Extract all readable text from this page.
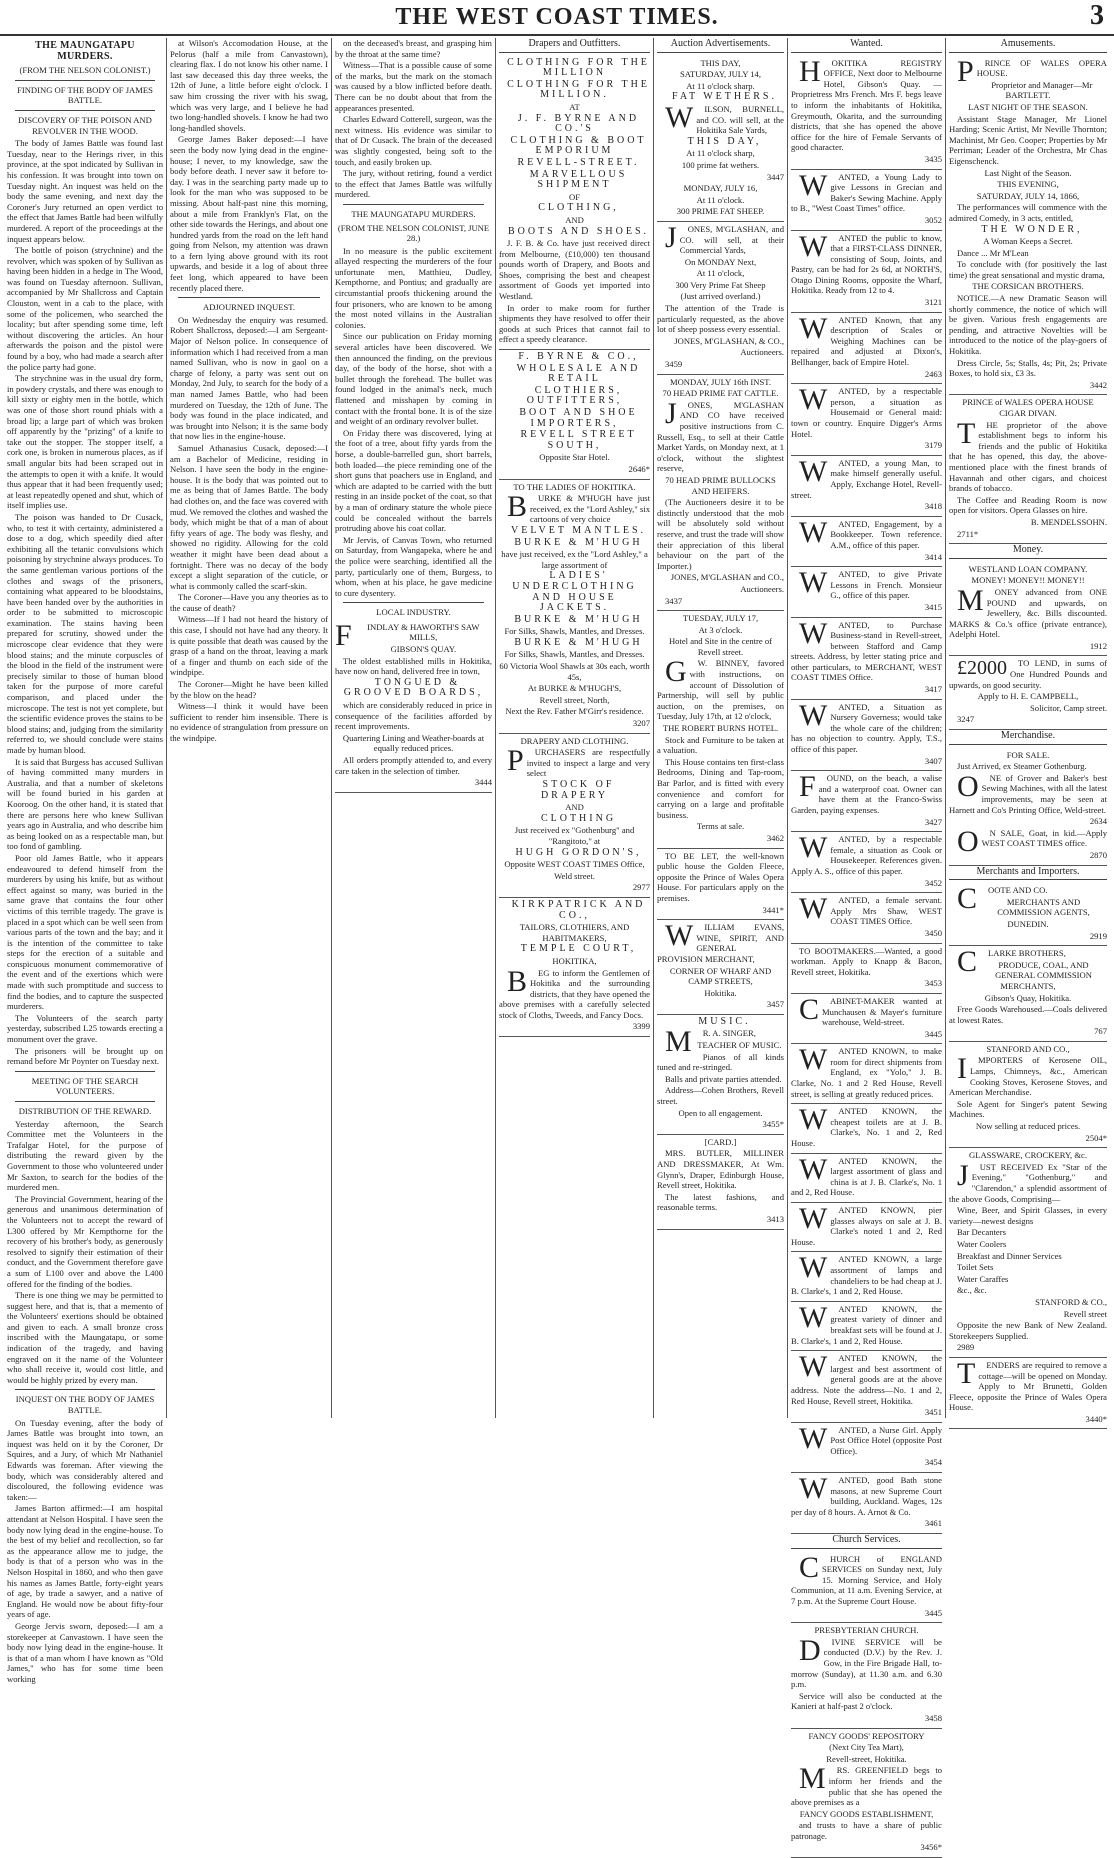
THE WEST COAST TIMES.	3
THE MAUNGATAPU MURDERS.
(FROM THE NELSON COLONIST.)
FINDING OF THE BODY OF JAMES BATTLE.
DISCOVERY OF THE POISON AND REVOLVER IN THE WOOD.

The body of James Battle was found last Tuesday, near to the Herings river, in this province, at the spot indicated by Sullivan in his confession. It was brought into town on Tuesday night. An inquest was held on the body the same evening, and next day the Coroner's Jury returned an open verdict to the effect that James Battle had been wilfully murdered. A report of the proceedings at the inquest appears below.

The bottle of poison (strychnine) and the revolver, which was spoken of by Sullivan as having been hidden in a hedge in The Wood, was found on Tuesday afternoon. Sullivan, accompanied by Mr Shallcross and Captain Clouston, went in a cab to the place, with some of the policemen, who searched the locality; but after spending some time, left without discovering the articles. An hour afterwards the poison and the pistol were found by a boy, who had made a search after the police party had gone.

The strychnine was in the usual dry form, in powdery crystals, and there was enough to kill sixty or eighty men in the bottle, which was one of those short round phials with a broad lip; a large part of which was broken off apparently by the "prizing" of a knife to take out the stopper. The stopper itself, a cork one, is broken in numerous places, as if small angular bits had been scraped out in the attempts to open it with a knife. It would thus appear that it had been frequently used; at least repeatedly opened and shut, which of itself implies use.

The poison was handed to Dr Cusack, who, to test it with certainty, administered a dose to a dog, which speedily died after exhibiting all the tetanic convulsions which poisoning by strychnine always produces. To the same gentleman various portions of the clothes and swags of the prisoners, containing what appeared to be bloodstains, have been handed over by the authorities in order to be submitted to microscopic examination. The stains having been prepared for scrutiny, showed under the microscope clear evidence that they were blood stains; and the minute corpuscles of the blood in the field of the instrument were precisely similar to those of human blood taken for the purpose of more careful comparison, and placed under the microscope. The test is not yet complete, but the scientific evidence proves the stains to be blood stains; and, judging from the similarity referred to, we should conclude were stains made by human blood.

It is said that Burgess has accused Sullivan of having committed many murders in Australia, and that a number of skeletons will be found buried in his garden at Kooroog. On the other hand, it is stated that there are persons here who knew Sullivan years ago in Australia, and who describe him as being looked on as a respectable man, but too fond of gambling.

Poor old James Battle, who it appears endeavoured to defend himself from the murderers by using his knife, but as without effect against so many, was buried in the same grave that contains the four other victims of this terrible tragedy. The grave is placed in a spot which can be well seen from various parts of the town and the bay; and it is the intention of the committee to take steps for the erection of a suitable and conspicuous monument commemorative of the event and of the exertions which were made with such promptitude and success to find the bodies, and to capture the suspected murderers.

The Volunteers of the search party yesterday, subscribed L25 towards erecting a monument over the grave.

The prisoners will be brought up on remand before Mr Poynter on Tuesday next.

MEETING OF THE SEARCH VOLUNTEERS.
DISTRIBUTION OF THE REWARD.

Yesterday afternoon, the Search Committee met the Volunteers in the Trafalgar Hotel, for the purpose of distributing the reward given by the Government to those who volunteered under Mr Saxton, to search for the bodies of the murdered men.

The Provincial Government, hearing of the generous and unanimous determination of the Volunteers not to accept the reward of L300 offered by Mr Kempthorne for the recovery of his brother's body, as generously resolved to signify their estimation of their conduct, and the Government therefore gave a sum of L100 over and above the L400 offered for the finding of the bodies.

There is one thing we may be permitted to suggest here, and that is, that a memento of the Volunteers' exertions should be obtained and given to each. A small bronze cross inscribed with the Maungatapu, or some indication of the tragedy, and having engraved on it the name of the Volunteer who shall receive it, would cost little, and would be highly prized by every man.

INQUEST ON THE BODY OF JAMES BATTLE.

On Tuesday evening, after the body of James Battle was brought into town, an inquest was held on it by the Coroner, Dr Squires, and a Jury, of which Mr Nathaniel Edwards was foreman. After viewing the body, which was considerably altered and discoloured, the following evidence was taken:—

James Barton affirmed:—I am hospital attendant at Nelson Hospital. I have seen the body now lying dead in the engine-house. To the best of my belief and recollection, so far as the appearance allow me to judge, the body is that of a person who was in the Nelson Hospital in 1860, and who then gave his names as James Battle, forty-eight years of age, by trade a sawyer, and a native of England. He would now be about fifty-four years of age.

George Jervis sworn, deposed:—I am a storekeeper at Canvastown. I have seen the body now lying dead in the engine-house. It is that of a man whom I have known as "Old James," who has for some time been working

at Wilson's Accomodation House, at the Pelorus (half a mile from Canvastown), clearing flax. I do not know his other name. I last saw deceased this day three weeks, the 12th of June, a little before eight o'clock. I saw him crossing the river with his swag, which was very large, and I believe he had two long-handled shovels. I know he had two long-handled shovels.

George James Baker deposed:—I have seen the body now lying dead in the engine-house; I never, to my knowledge, saw the body before death. I never saw it before to-day. I was in the searching party made up to look for the man who was supposed to be missing. About half-past nine this morning, about a mile from Franklyn's Flat, on the other side towards the Herings, and about one hundred yards from the road on the left hand going from Nelson, my attention was drawn to a fern lying above ground with its root upwards, and beside it a log of about three feet long, which appeared to have been recently placed there.

ADJOURNED INQUEST.

On Wednesday the enquiry was resumed. Robert Shallcross, deposed:—I am Sergeant-Major of Nelson police. In consequence of information which I had received from a man named Sullivan, who is now in gaol on a charge of felony, a party was sent out on Monday, 2nd July, to search for the body of a man named James Battle, who had been murdered on Tuesday, the 12th of June. The body was found in the place indicated, and was brought into Nelson; it is the same body that now lies in the engine-house.

Samuel Athanasius Cusack, deposed:—I am a Bachelor of Medicine, residing in Nelson. I have seen the body in the engine-house. It is the body that was pointed out to me as being that of James Battle. The body had clothes on, and the face was covered with mud. We removed the clothes and washed the body, which might be that of a man of about fifty years of age. The body was fleshy, and showed no rigidity. Allowing for the cold weather it might have been dead about a fortnight. There was no decay of the body except a slight separation of the cuticle, or what is commonly called the scarf-skin.

The Coroner—Have you any theories as to the cause of death?

Witness—If I had not heard the history of this case, I should not have had any theory. It is quite possible that death was caused by the grasp of a hand on the throat, leaving a mark of a finger and thumb on each side of the windpipe.

The Coroner—Might he have been killed by the blow on the head?

Witness—I think it would have been sufficient to render him insensible. There is no evidence of strangulation from pressure on the windpipe.

on the deceased's breast, and grasping him by the throat at the same time?

Witness—That is a possible cause of some of the marks, but the mark on the stomach was caused by a blow inflicted before death. There can be no doubt about that from the appearances presented.

Charles Edward Cotterell, surgeon, was the next witness. His evidence was similar to that of Dr Cusack. The brain of the deceased was slightly congested, being soft to the touch, and easily broken up.

The jury, without retiring, found a verdict to the effect that James Battle was wilfully murdered.

THE MAUNGATAPU MURDERS.
(FROM THE NELSON COLONIST, JUNE 28.)

In no measure is the public excitement allayed respecting the murderers of the four unfortunate men, Matthieu, Dudley, Kempthorne, and Pontius; and gradually are circumstantial proofs thickening around the four prisoners, who are known to be among the most noted villains in the Australian colonies.

Since our publication on Friday morning several articles have been discovered. We then announced the finding, on the previous day, of the body of the horse, shot with a bullet through the forehead. The bullet was found lodged in the animal's neck, much flattened and misshapen by coming in contact with the frontal bone. It is of the size and weight of an ordinary revolver bullet.

On Friday there was discovered, lying at the foot of a tree, about fifty yards from the horse, a double-barrelled gun, short barrels, both loaded—the piece reminding one of the short guns that poachers use in England, and which are adapted to be carried with the butt resting in an inside pocket of the coat, so that by a man of ordinary stature the whole piece could be concealed without the barrels protruding above his coat collar.

Mr Jervis, of Canvas Town, who returned on Saturday, from Wangapeka, where he and the police were searching, identified all the party, particularly one of them, Burgess, to whom, when at his place, he gave medicine to cure dysentery.

LOCAL INDUSTRY.

F INDLAY & HAWORTH'S SAW MILLS,

GIBSON'S QUAY.

The oldest established mills in Hokitika, have now on hand, delivered free in town,

TONGUED & GROOVED BOARDS,

which are considerably reduced in price in consequence of the facilities afforded by recent improvements.

Quartering Lining and Weather-boards at equally reduced prices.

All orders promptly attended to, and every care taken in the selection of timber.

3444

Drapers and Outfitters.

CLOTHING FOR THE MILLION

CLOTHING FOR THE MILLION.

AT

J. F. BYRNE AND CO.'S

CLOTHING & BOOT EMPORIUM

REVELL-STREET.

MARVELLOUS SHIPMENT

OF

CLOTHING,

AND

BOOTS AND SHOES.

J. F. B. & Co. have just received direct from Melbourne, (£10,000) ten thousand pounds worth of Drapery, and Boots and Shoes, comprising the best and cheapest assortment of Goods yet imported into Westland.

In order to make room for further shipments they have resolved to offer their goods at such Prices that cannot fail to effect a speedy clearance.

F. BYRNE & CO.,

WHOLESALE AND RETAIL

CLOTHIERS, OUTFITTERS,

BOOT AND SHOE IMPORTERS,

REVELL STREET SOUTH,

Opposite Star Hotel.

2646*

TO THE LADIES OF HOKITIKA.

B URKE & M'HUGH have just received, ex the "Lord Ashley," six cartoons of very choice

VELVET MANTLES.

BURKE & M'HUGH

have just received, ex the "Lord Ashley," a large assortment of

LADIES' UNDERCLOTHING AND HOUSE JACKETS.

BURKE & M'HUGH

For Silks, Shawls, Mantles, and Dresses.

BURKE & M'HUGH

For Silks, Shawls, Mantles, and Dresses.

60 Victoria Wool Shawls at 30s each, worth 45s,

At BURKE & M'HUGH'S,

Revell street, North,

Next the Rev. Father M'Girr's residence.

3207

DRAPERY AND CLOTHING.

P URCHASERS are respectfully invited to inspect a large and very select

STOCK OF DRAPERY

AND

CLOTHING

Just received ex "Gothenburg" and "Rangitoto," at

HUGH GORDON'S,

Opposite WEST COAST TIMES Office,

Weld street.

2977

KIRKPATRICK AND CO.,

TAILORS, CLOTHIERS, AND HABITMAKERS,

TEMPLE COURT,

HOKITIKA,

B EG to inform the Gentlemen of Hokitika and the surrounding districts, that they have opened the above premises with a carefully selected stock of Cloths, Tweeds, and Fancy Docs.

3399

Auction Advertisements.

THIS DAY,

SATURDAY, JULY 14,

At 11 o'clock sharp.

FAT WETHERS.

W ILSON, BURNELL, and CO. will sell, at the Hokitika Sale Yards,

THIS DAY,

At 11 o'clock sharp,

100 prime fat wethers.

3447

MONDAY, JULY 16,

At 11 o'clock.

300 PRIME FAT SHEEP.

J ONES, M'GLASHAN, and CO. will sell, at their Commercial Yards,

On MONDAY Next,

At 11 o'clock,

300 Very Prime Fat Sheep

(Just arrived overland.)

The attention of the Trade is particularly requested, as the above lot of sheep possess every essential.

JONES, M'GLASHAN, & CO.,

Auctioneers.

3459

MONDAY, JULY 16th INST.

70 HEAD PRIME FAT CATTLE.

J ONES, M'GLASHAN AND CO have received positive instructions from C. Russell, Esq., to sell at their Cattle Market Yards, on Monday next, at 1 o'clock, without the slightest reserve,

70 HEAD PRIME BULLOCKS AND HEIFERS.

(The Auctioneers desire it to be distinctly understood that the mob will be absolutely sold without reserve, and trust the trade will show their appreciation of this liberal behaviour on the part of the Importer.)

JONES, M'GLASHAN and CO.,

Auctioneers.

3437

TUESDAY, JULY 17,

At 3 o'clock.

Hotel and Site in the centre of Revell street.

G W. BINNEY, favored with instructions, on account of Dissolution of Partnership, will sell by public auction, on the premises, on Tuesday, July 17th, at 12 o'clock,

THE ROBERT BURNS HOTEL.

Stock and Furniture to be taken at a valuation.

This House contains ten first-class Bedrooms, Dining and Tap-room, Bar Parlor, and is fitted with every convenience and comfort for carrying on a large and profitable business.

Terms at sale.

3462

TO BE LET, the well-known public house the Golden Fleece, opposite the Prince of Wales Opera House. For particulars apply on the premises.

3441*

W ILLIAM EVANS, WINE, SPIRIT, AND GENERAL PROVISION MERCHANT,

CORNER OF WHARF AND CAMP STREETS,

Hokitika.

3457

MUSIC.

M R. A. SINGER,

TEACHER OF MUSIC.

Pianos of all kinds tuned and re-stringed.

Balls and private parties attended.

Address—Cohen Brothers, Revell street.

Open to all engagement.

3455*

[CARD.]

MRS. BUTLER, MILLINER AND DRESSMAKER, At Wm. Glynn's, Draper, Edinburgh House, Revell street, Hokitika.

The latest fashions, and reasonable terms.

3413

Wanted.

H OKITIKA REGISTRY OFFICE, Next door to Melbourne Hotel, Gibson's Quay. — Proprietress Mrs French. Mrs F. begs leave to inform the inhabitants of Hokitika, Greymouth, Okarita, and the surrounding districts, that she has opened the above office for the hire of Female Servants of good character.

3435

W ANTED, a Young Lady to give Lessons in Grecian and Baker's Sewing Machine. Apply to B., "West Coast Times" office.

3052

W ANTED the public to know, that a FIRST-CLASS DINNER, consisting of Soup, Joints, and Pastry, can be had for 2s 6d, at NORTH'S, Otago Dining Rooms, opposite the Wharf, Hokitika. Ready from 12 to 4.

3121

W ANTED Known, that any description of Scales or Weighing Machines can be repaired and adjusted at Dixon's, Bellhanger, back of Empire Hotel.

2463

W ANTED, by a respectable person, a situation as Housemaid or General maid: town or country. Enquire Digger's Arms Hotel.

3179

W ANTED, a young Man, to make himself generally useful. Apply, Exchange Hotel, Revell-street.

3418

W ANTED, Engagement, by a Bookkeeper. Town reference. A.M., office of this paper.

3414

W ANTED, to give Private Lessons in French. Monsieur G., office of this paper.

3415

W ANTED, to Purchase Business-stand in Revell-street, between Stafford and Camp streets. Address, by letter stating price and other particulars, to MERCHANT, WEST COAST TIMES Office.

3417

W ANTED, a Situation as Nursery Governess; would take the whole care of the children; has no objection to country. Apply, T.S., office of this paper.

3407

F OUND, on the beach, a valise and a waterproof coat. Owner can have them at the Franco-Swiss Garden, paying expenses.

3427

W ANTED, by a respectable female, a situation as Cook or Housekeeper. References given. Apply A. S., office of this paper.

3452

W ANTED, a female servant. Apply Mrs Shaw, WEST COAST TIMES Office.

3450

TO BOOTMAKERS.—Wanted, a good workman. Apply to Knapp & Bacon, Revell street, Hokitika.

3453

C ABINET-MAKER wanted at Munchausen & Mayer's furniture warehouse, Weld-street.

3445

W ANTED KNOWN, to make room for direct shipments from England, ex "Yolo," J. B. Clarke, No. 1 and 2 Red House, Revell street, is selling at greatly reduced prices.

W ANTED KNOWN, the cheapest toilets are at J. B. Clarke's, No. 1 and 2, Red House.

W ANTED KNOWN, the largest assortment of glass and china is at J. B. Clarke's, No. 1 and 2, Red House.

W ANTED KNOWN, pier glasses always on sale at J. B. Clarke's noted 1 and 2, Red House.

W ANTED KNOWN, a large assortment of lamps and chandeliers to be had cheap at J. B. Clarke's, 1 and 2, Red House.

W ANTED KNOWN, the greatest variety of dinner and breakfast sets will be found at J. B. Clarke's, 1 and 2, Red House.

W ANTED KNOWN, the largest and best assortment of general goods are at the above address. Note the address—No. 1 and 2, Red House, Revell street, Hokitika.

3451

W ANTED, a Nurse Girl. Apply Post Office Hotel (opposite Post Office).

3454

W ANTED, good Bath stone masons, at new Supreme Court building, Auckland. Wages, 12s per day of 8 hours. A. Arnot & Co.

3461

Church Services.

C HURCH of ENGLAND SERVICES on Sunday next, July 15. Morning Service, and Holy Communion, at 11 a.m. Evening Service, at 7 p.m. At the Supreme Court House.

3445

PRESBYTERIAN CHURCH.

D IVINE SERVICE will be conducted (D.V.) by the Rev. J. Gow, in the Fire Brigade Hall, to-morrow (Sunday), at 11.30 a.m. and 6.30 p.m.

Service will also be conducted at the Kanieri at half-past 2 o'clock.

3458

FANCY GOODS' REPOSITORY

(Next City Tea Mart),

Revell-street, Hokitika.

M RS. GREENFIELD begs to inform her friends and the public that she has opened the above premises as a

FANCY GOODS ESTABLISHMENT,

and trusts to have a share of public patronage.

3456*

Amusements.

P RINCE OF WALES OPERA HOUSE.

Proprietor and Manager—Mr BARTLETT.

LAST NIGHT OF THE SEASON.

Assistant Stage Manager, Mr Lionel Harding; Scenic Artist, Mr Neville Thornton; Machinist, Mr Geo. Cooper; Properties by Mr Perriman; Leader of the Orchestra, Mr Chas Eigenschenck.

Last Night of the Season.

THIS EVENING,

SATURDAY, JULY 14, 1866,

The performances will commence with the admired Comedy, in 3 acts, entitled,

THE WONDER,

A Woman Keeps a Secret.

Dance ... Mr M'Lean

To conclude with (for positively the last time) the great sensational and mystic drama,

THE CORSICAN BROTHERS.

NOTICE.—A new Dramatic Season will shortly commence, the notice of which will be given. Various fresh engagements are pending, and attractive Novelties will be introduced to the notice of the play-goers of Hokitika.

Dress Circle, 5s; Stalls, 4s; Pit, 2s; Private Boxes, to hold six, £3 3s.

3442

PRINCE of WALES OPERA HOUSE CIGAR DIVAN.

T HE proprietor of the above establishment begs to inform his friends and the public of Hokitika that he has opened, this day, the above-mentioned place with the finest brands of Havannah and other cigars, and choicest brands of tobacco.

The Coffee and Reading Room is now open for visitors. Opera Glasses on hire.

B. MENDELSSOHN.

2711*

Money.

WESTLAND LOAN COMPANY.

MONEY! MONEY!! MONEY!!

M ONEY advanced from ONE POUND and upwards, on Jewellery, &c. Bills discounted. MARKS & Co.'s office (private entrance), Adelphi Hotel.

1912

£2000 TO LEND, in sums of One Hundred Pounds and upwards, on good security.

Apply to H. E. CAMPBELL,

Solicitor, Camp street.

3247

Merchandise.

FOR SALE.

Just Arrived, ex Steamer Gothenburg.

O NE of Grover and Baker's best Sewing Machines, with all the latest improvements, may be seen at Harnett and Co's Printing Office, Weld-street.

2634

O N SALE, Goat, in kid.—Apply WEST COAST TIMES office.

2870

Merchants and Importers.

C OOTE AND CO.

MERCHANTS AND COMMISSION AGENTS,

DUNEDIN.

2919

C LARKE BROTHERS,

PRODUCE, COAL, AND GENERAL COMMISSION MERCHANTS,

Gibson's Quay, Hokitika.

Free Goods Warehoused.—Coals delivered at lowest Rates.

767

STANFORD AND CO.,

I MPORTERS of Kerosene OIL, Lamps, Chimneys, &c., American Cooking Stoves, Kerosene Stoves, and American Merchandise.

Sole Agent for Singer's patent Sewing Machines.

Now selling at reduced prices.

2504*

GLASSWARE, CROCKERY, &c.

J UST RECEIVED Ex "Star of the Evening," "Gothenburg," and "Clarendon," a splendid assortment of the above Goods, Comprising—

Wine, Beer, and Spirit Glasses, in every variety—newest designs

Bar Decanters

Water Coolers

Breakfast and Dinner Services

Toilet Sets

Water Caraffes

&c., &c.

STANFORD & CO.,

Revell street

Opposite the new Bank of New Zealand. Storekeepers Supplied.

2989

T ENDERS are required to remove a cottage—will be opened on Monday. Apply to Mr Brunetti, Golden Fleece, opposite the Prince of Wales Opera House.

3440*
